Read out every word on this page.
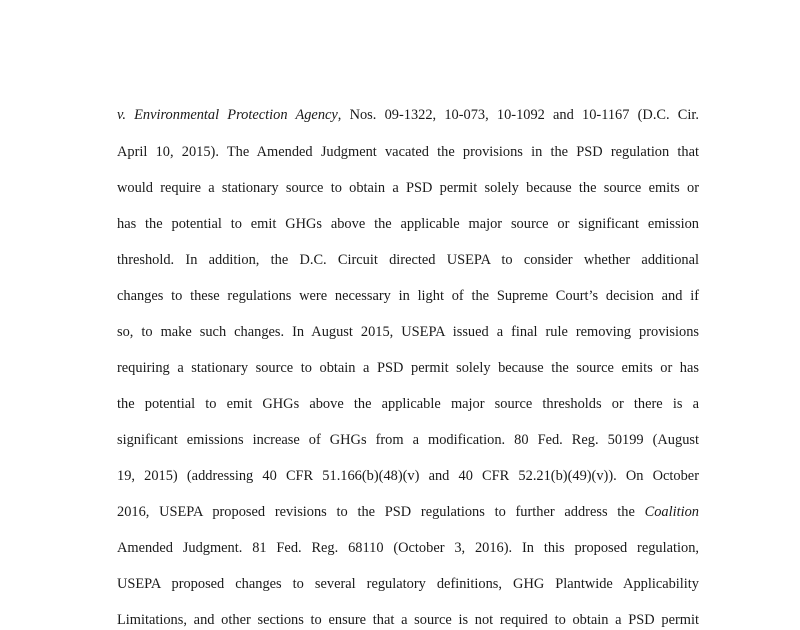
v. Environmental Protection Agency, Nos. 09-1322, 10-073, 10-1092 and 10-1167 (D.C. Cir.
April 10, 2015). The Amended Judgment vacated the provisions in the PSD regulation that
would require a stationary source to obtain a PSD permit solely because the source emits or
has the potential to emit GHGs above the applicable major source or significant emission
threshold. In addition, the D.C. Circuit directed USEPA to consider whether additional
changes to these regulations were necessary in light of the Supreme Court’s decision and if
so, to make such changes. In August 2015, USEPA issued a final rule removing provisions
requiring a stationary source to obtain a PSD permit solely because the source emits or has
the potential to emit GHGs above the applicable major source thresholds or there is a
significant emissions increase of GHGs from a modification. 80 Fed. Reg. 50199 (August
19, 2015) (addressing 40 CFR 51.166(b)(48)(v) and 40 CFR 52.21(b)(49)(v)). On October
2016, USEPA proposed revisions to the PSD regulations to further address the Coalition
Amended Judgment. 81 Fed. Reg. 68110 (October 3, 2016). In this proposed regulation,
USEPA proposed changes to several regulatory definitions, GHG Plantwide Applicability
Limitations, and other sections to ensure that a source is not required to obtain a PSD permit
